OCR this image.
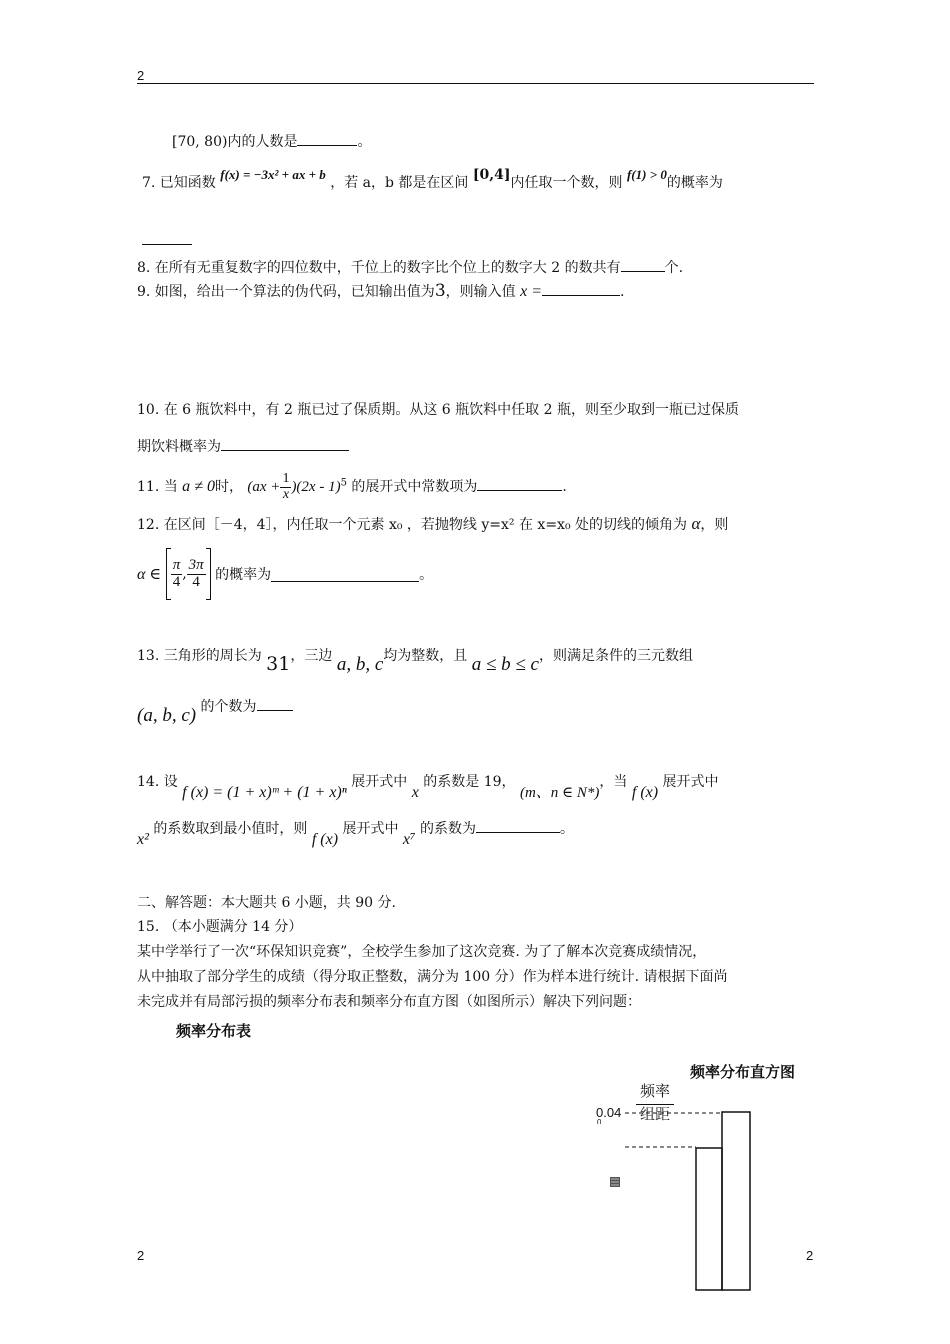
2
[70, 80)内的人数是	。
7. 已知函数 f(x) = −3x² + ax + b ，若 a，b 都是在区间 [0,4]内任取一个数，则 f(1) > 0的概率为
8. 在所有无重复数字的四位数中，千位上的数字比个位上的数字大 2 的数共有	个.
9. 如图，给出一个算法的伪代码，已知输出值为3，则输入值 x =	.
10. 在 6 瓶饮料中，有 2 瓶已过了保质期。从这 6 瓶饮料中任取 2 瓶，则至少取到一瓶已过保质
期饮料概率为
11. 当 a ≠ 0时， $(ax + \frac{1}{x} )(2x - 1)^5$ 的展开式中常数项为	.
12. 在区间［－4，4］，内任取一个元素 x₀ ，若抛物线 y=x² 在 x=x₀ 处的切线的倾角为 α，则
α ∈ $\frac{\pi}{4}$ , $\frac{3\pi}{4}$ 的概率为	。
13. 三角形的周长为 31，三边 a, b, c均为整数，且 a ≤ b ≤ c，则满足条件的三元数组
(a, b, c) 的个数为
14. 设 f (x) = (1 + x)ᵐ + (1 + x)ⁿ 展开式中 x 的系数是 19， (m、n ∈ N*)，当 f (x) 展开式中
x² 的系数取到最小值时，则 f (x) 展开式中 x⁷ 的系数为	。
二、解答题：本大题共 6 小题，共 90 分.
15. （本小题满分 14 分）
某中学举行了一次“环保知识竞赛”，全校学生参加了这次竞赛. 为了了解本次竞赛成绩情况，
从中抽取了部分学生的成绩（得分取正整数，满分为 100 分）作为样本进行统计. 请根据下面尚
未完成并有局部污损的频率分布表和频率分布直方图（如图所示）解决下列问题：
频率分布表
频率分布直方图
频率
组距
0.04
0
2	2
